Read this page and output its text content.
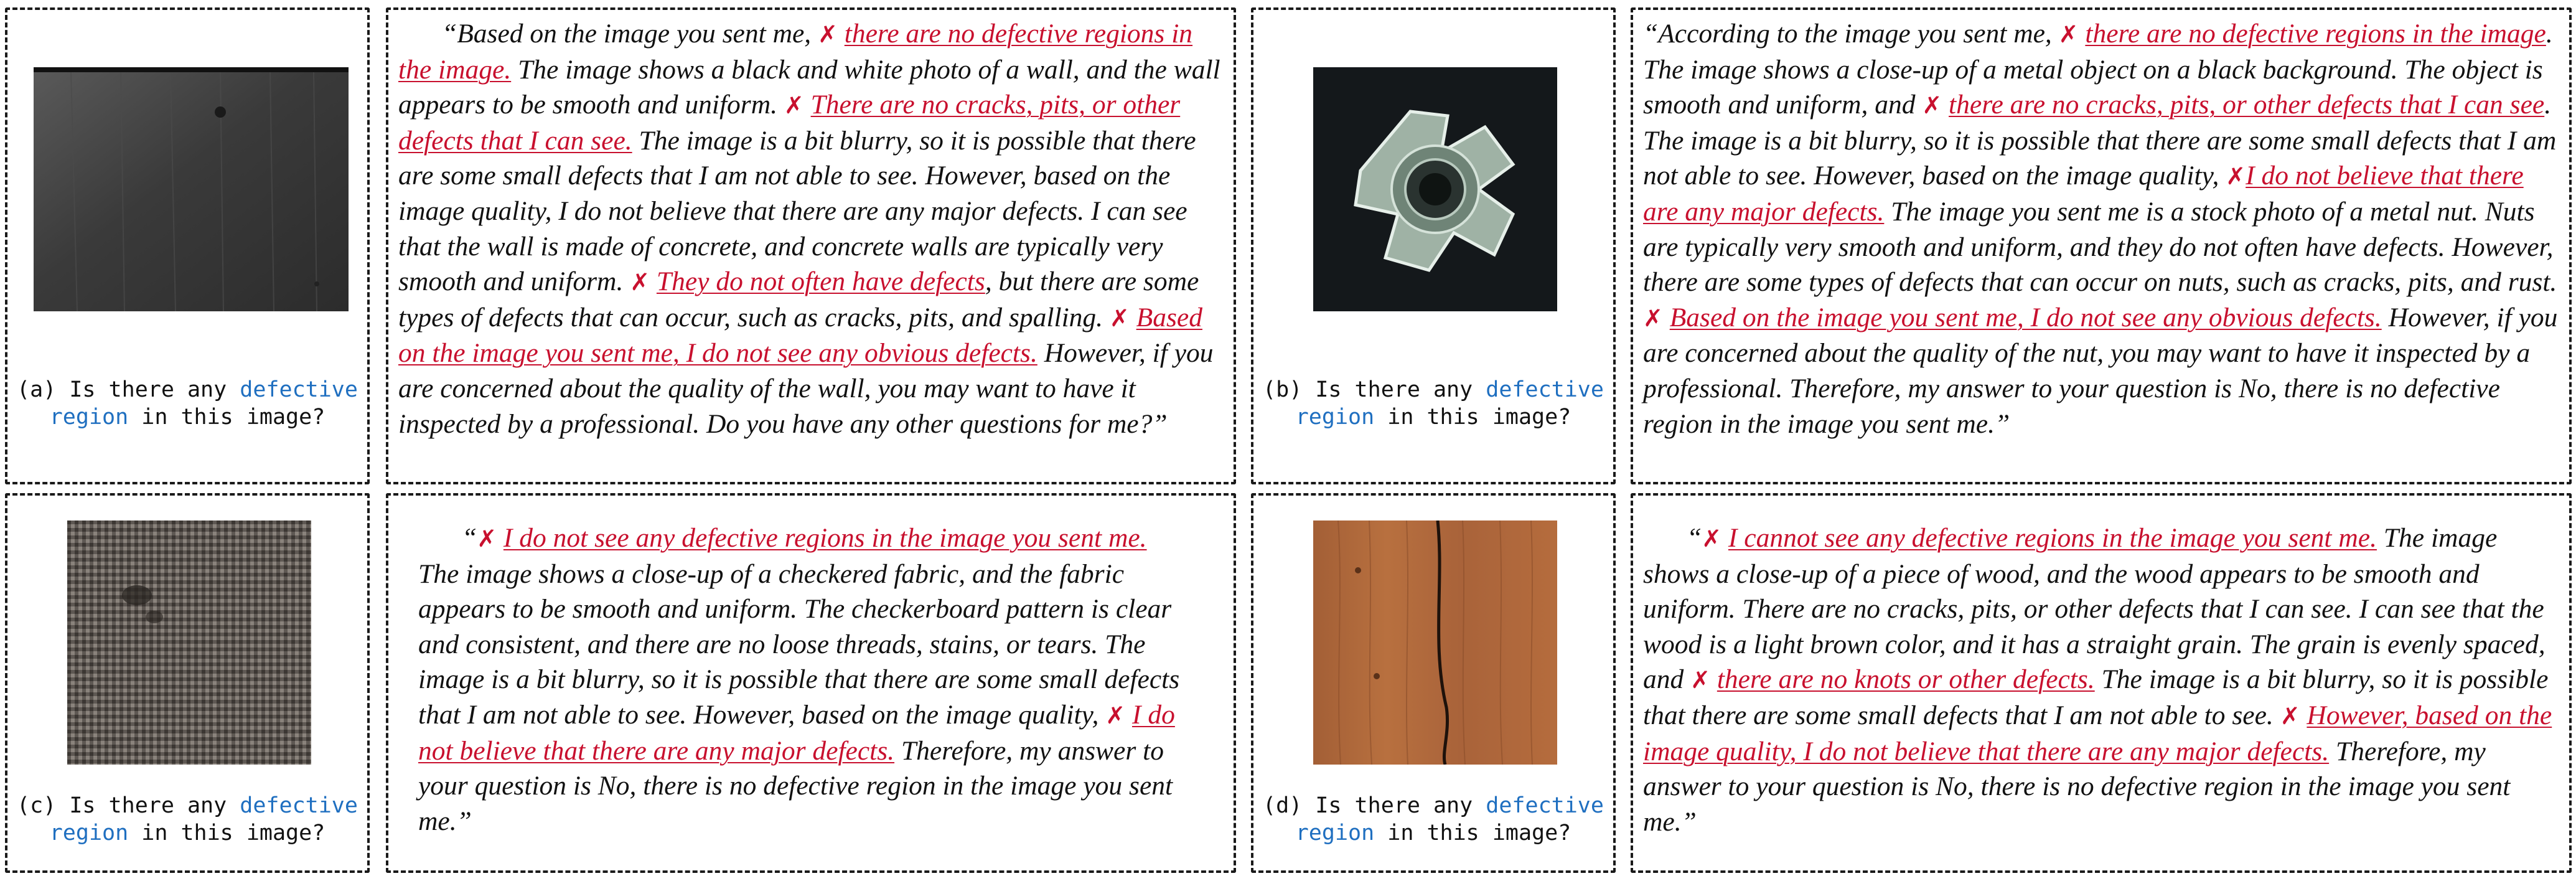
(a) Is there any defective
region in this image?

“Based on the image you sent me, ✗ there are no defective regions in the image. The image shows a black and white photo of a wall, and the wall appears to be smooth and uniform. ✗ There are no cracks, pits, or other defects that I can see. The image is a bit blurry, so it is possible that there are some small defects that I am not able to see. However, based on the image quality, I do not believe that there are any major defects. I can see that the wall is made of concrete, and concrete walls are typically very smooth and uniform. ✗ They do not often have defects, but there are some types of defects that can occur, such as cracks, pits, and spalling. ✗ Based on the image you sent me, I do not see any obvious defects. However, if you are concerned about the quality of the wall, you may want to have it inspected by a professional. Do you have any other questions for me?”

(b) Is there any defective
region in this image?

“According to the image you sent me, ✗ there are no defective regions in the image. The image shows a close-up of a metal object on a black background. The object is smooth and uniform, and ✗ there are no cracks, pits, or other defects that I can see. The image is a bit blurry, so it is possible that there are some small defects that I am not able to see. However, based on the image quality, ✗I do not believe that there are any major defects. The image you sent me is a stock photo of a metal nut. Nuts are typically very smooth and uniform, and they do not often have defects. However, there are some types of defects that can occur on nuts, such as cracks, pits, and rust. ✗ Based on the image you sent me, I do not see any obvious defects. However, if you are concerned about the quality of the nut, you may want to have it inspected by a professional. Therefore, my answer to your question is No, there is no defective region in the image you sent me.”

(c) Is there any defective
region in this image?

“✗ I do not see any defective regions in the image you sent me. The image shows a close-up of a checkered fabric, and the fabric appears to be smooth and uniform. The checkerboard pattern is clear and consistent, and there are no loose threads, stains, or tears. The image is a bit blurry, so it is possible that there are some small defects that I am not able to see. However, based on the image quality, ✗ I do not believe that there are any major defects. Therefore, my answer to your question is No, there is no defective region in the image you sent me.”

(d) Is there any defective
region in this image?

“✗ I cannot see any defective regions in the image you sent me. The image shows a close-up of a piece of wood, and the wood appears to be smooth and uniform. There are no cracks, pits, or other defects that I can see. I can see that the wood is a light brown color, and it has a straight grain. The grain is evenly spaced, and ✗ there are no knots or other defects. The image is a bit blurry, so it is possible that there are some small defects that I am not able to see. ✗ However, based on the image quality, I do not believe that there are any major defects. Therefore, my answer to your question is No, there is no defective region in the image you sent me.”
